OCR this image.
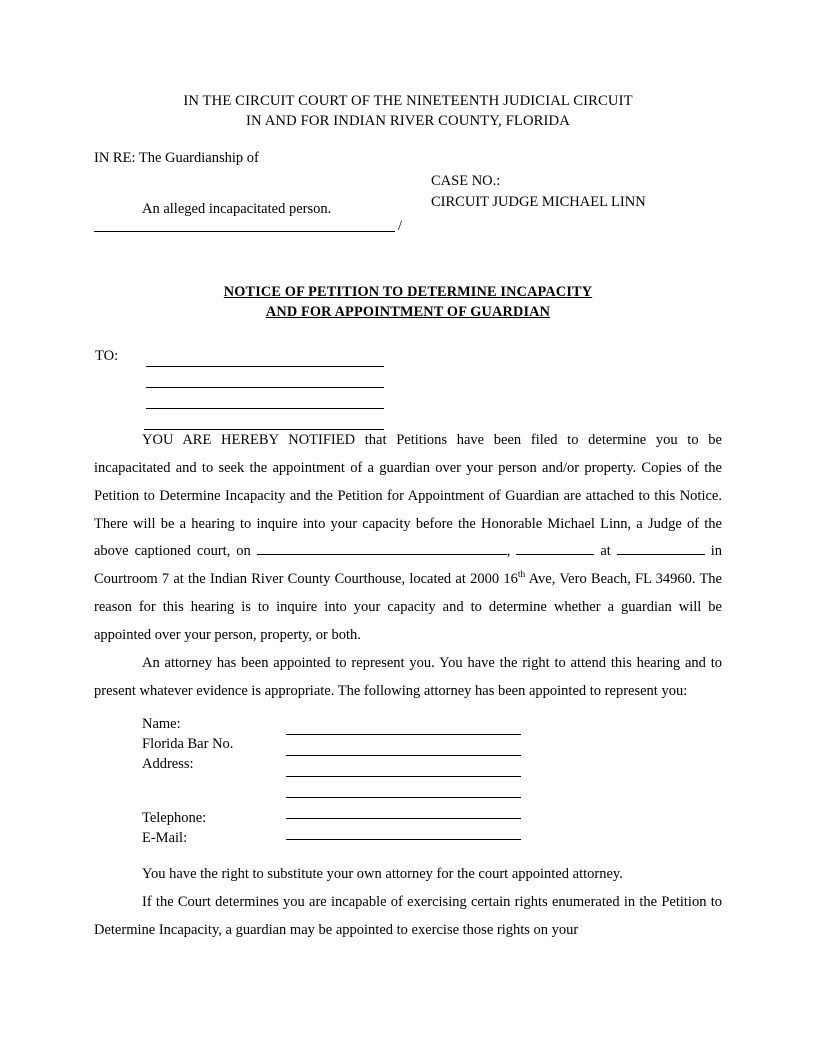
IN THE CIRCUIT COURT OF THE NINETEENTH JUDICIAL CIRCUIT
IN AND FOR INDIAN RIVER COUNTY, FLORIDA
IN RE: The Guardianship of
An alleged incapacitated person.
/
CASE NO.:
CIRCUIT JUDGE MICHAEL LINN
NOTICE OF PETITION TO DETERMINE INCAPACITY
AND FOR APPOINTMENT OF GUARDIAN
TO:

YOU ARE HEREBY NOTIFIED that Petitions have been filed to determine you to be incapacitated and to seek the appointment of a guardian over your person and/or property. Copies of the Petition to Determine Incapacity and the Petition for Appointment of Guardian are attached to this Notice. There will be a hearing to inquire into your capacity before the Honorable Michael Linn, a Judge of the above captioned court, on	,	at	in Courtroom 7 at the Indian River County Courthouse, located at 2000 16th Ave, Vero Beach, FL 34960. The reason for this hearing is to inquire into your capacity and to determine whether a guardian will be appointed over your person, property, or both.

An attorney has been appointed to represent you. You have the right to attend this hearing and to present whatever evidence is appropriate. The following attorney has been appointed to represent you:

Name:
Florida Bar No.
Address:
Telephone:
E-Mail:

You have the right to substitute your own attorney for the court appointed attorney.

If the Court determines you are incapable of exercising certain rights enumerated in the Petition to Determine Incapacity, a guardian may be appointed to exercise those rights on your
